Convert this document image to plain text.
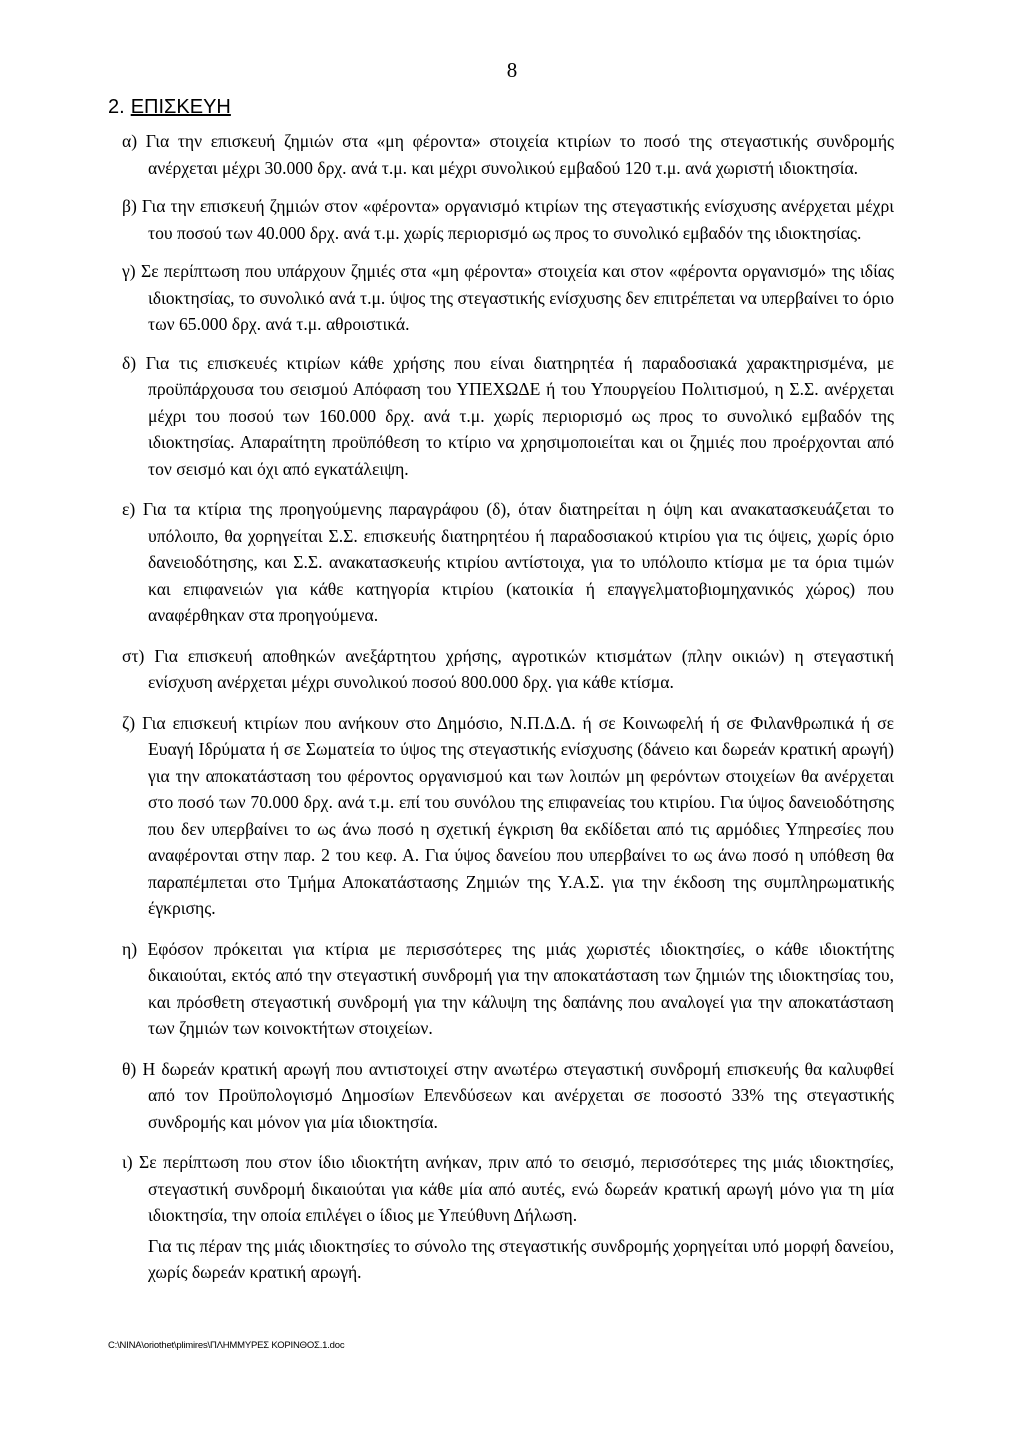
8
2. ΕΠΙΣΚΕΥΗ

α) Για την επισκευή ζημιών στα «μη φέροντα» στοιχεία κτιρίων το ποσό της στεγαστικής συνδρομής ανέρχεται μέχρι 30.000 δρχ. ανά τ.μ. και μέχρι συνολικού εμβαδού 120 τ.μ. ανά χωριστή ιδιοκτησία.

β) Για την επισκευή ζημιών στον «φέροντα» οργανισμό κτιρίων της στεγαστικής ενίσχυσης ανέρχεται μέχρι του ποσού των 40.000 δρχ. ανά τ.μ. χωρίς περιορισμό ως προς το συνολικό εμβαδόν της ιδιοκτησίας.

γ) Σε περίπτωση που υπάρχουν ζημιές στα «μη φέροντα» στοιχεία και στον «φέροντα οργανισμό» της ιδίας ιδιοκτησίας, το συνολικό ανά τ.μ. ύψος της στεγαστικής ενίσχυσης δεν επιτρέπεται να υπερβαίνει το όριο των 65.000 δρχ. ανά τ.μ. αθροιστικά.

δ) Για τις επισκευές κτιρίων κάθε χρήσης που είναι διατηρητέα ή παραδοσιακά χαρακτηρισμένα, με προϋπάρχουσα του σεισμού Απόφαση του ΥΠΕΧΩΔΕ ή του Υπουργείου Πολιτισμού, η Σ.Σ. ανέρχεται μέχρι του ποσού των 160.000 δρχ. ανά τ.μ. χωρίς περιορισμό ως προς το συνολικό εμβαδόν της ιδιοκτησίας. Απαραίτητη προϋπόθεση το κτίριο να χρησιμοποιείται και οι ζημιές που προέρχονται από τον σεισμό και όχι από εγκατάλειψη.

ε) Για τα κτίρια της προηγούμενης παραγράφου (δ), όταν διατηρείται η όψη και ανακατασκευάζεται το υπόλοιπο, θα χορηγείται Σ.Σ. επισκευής διατηρητέου ή παραδοσιακού κτιρίου για τις όψεις, χωρίς όριο δανειοδότησης, και Σ.Σ. ανακατασκευής κτιρίου αντίστοιχα, για το υπόλοιπο κτίσμα με τα όρια τιμών και επιφανειών για κάθε κατηγορία κτιρίου (κατοικία ή επαγγελματοβιομηχανικός χώρος) που αναφέρθηκαν στα προηγούμενα.

στ) Για επισκευή αποθηκών ανεξάρτητου χρήσης, αγροτικών κτισμάτων (πλην οικιών) η στεγαστική ενίσχυση ανέρχεται μέχρι συνολικού ποσού 800.000 δρχ. για κάθε κτίσμα.

ζ) Για επισκευή κτιρίων που ανήκουν στο Δημόσιο, Ν.Π.Δ.Δ. ή σε Κοινωφελή ή σε Φιλανθρωπικά ή σε Ευαγή Ιδρύματα ή σε Σωματεία το ύψος της στεγαστικής ενίσχυσης (δάνειο και δωρεάν κρατική αρωγή) για την αποκατάσταση του φέροντος οργανισμού και των λοιπών μη φερόντων στοιχείων θα ανέρχεται στο ποσό των 70.000 δρχ. ανά τ.μ. επί του συνόλου της επιφανείας του κτιρίου. Για ύψος δανειοδότησης που δεν υπερβαίνει το ως άνω ποσό η σχετική έγκριση θα εκδίδεται από τις αρμόδιες Υπηρεσίες που αναφέρονται στην παρ. 2 του κεφ. Α. Για ύψος δανείου που υπερβαίνει το ως άνω ποσό η υπόθεση θα παραπέμπεται στο Τμήμα Αποκατάστασης Ζημιών της Υ.Α.Σ. για την έκδοση της συμπληρωματικής έγκρισης.

η) Εφόσον πρόκειται για κτίρια με περισσότερες της μιάς χωριστές ιδιοκτησίες, ο κάθε ιδιοκτήτης δικαιούται, εκτός από την στεγαστική συνδρομή για την αποκατάσταση των ζημιών της ιδιοκτησίας του, και πρόσθετη στεγαστική συνδρομή για την κάλυψη της δαπάνης που αναλογεί για την αποκατάσταση των ζημιών των κοινοκτήτων στοιχείων.

θ) Η δωρεάν κρατική αρωγή που αντιστοιχεί στην ανωτέρω στεγαστική συνδρομή επισκευής θα καλυφθεί από τον Προϋπολογισμό Δημοσίων Επενδύσεων και ανέρχεται σε ποσοστό 33% της στεγαστικής συνδρομής και μόνον για μία ιδιοκτησία.

ι) Σε περίπτωση που στον ίδιο ιδιοκτήτη ανήκαν, πριν από το σεισμό, περισσότερες της μιάς ιδιοκτησίες, στεγαστική συνδρομή δικαιούται για κάθε μία από αυτές, ενώ δωρεάν κρατική αρωγή μόνο για τη μία ιδιοκτησία, την οποία επιλέγει ο ίδιος με Υπεύθυνη Δήλωση.

Για τις πέραν της μιάς ιδιοκτησίες το σύνολο της στεγαστικής συνδρομής χορηγείται υπό μορφή δανείου, χωρίς δωρεάν κρατική αρωγή.

C:\NINA\oriothet\plimires\ΠΛΗΜΜΥΡΕΣ ΚΟΡΙΝΘΟΣ.1.doc
